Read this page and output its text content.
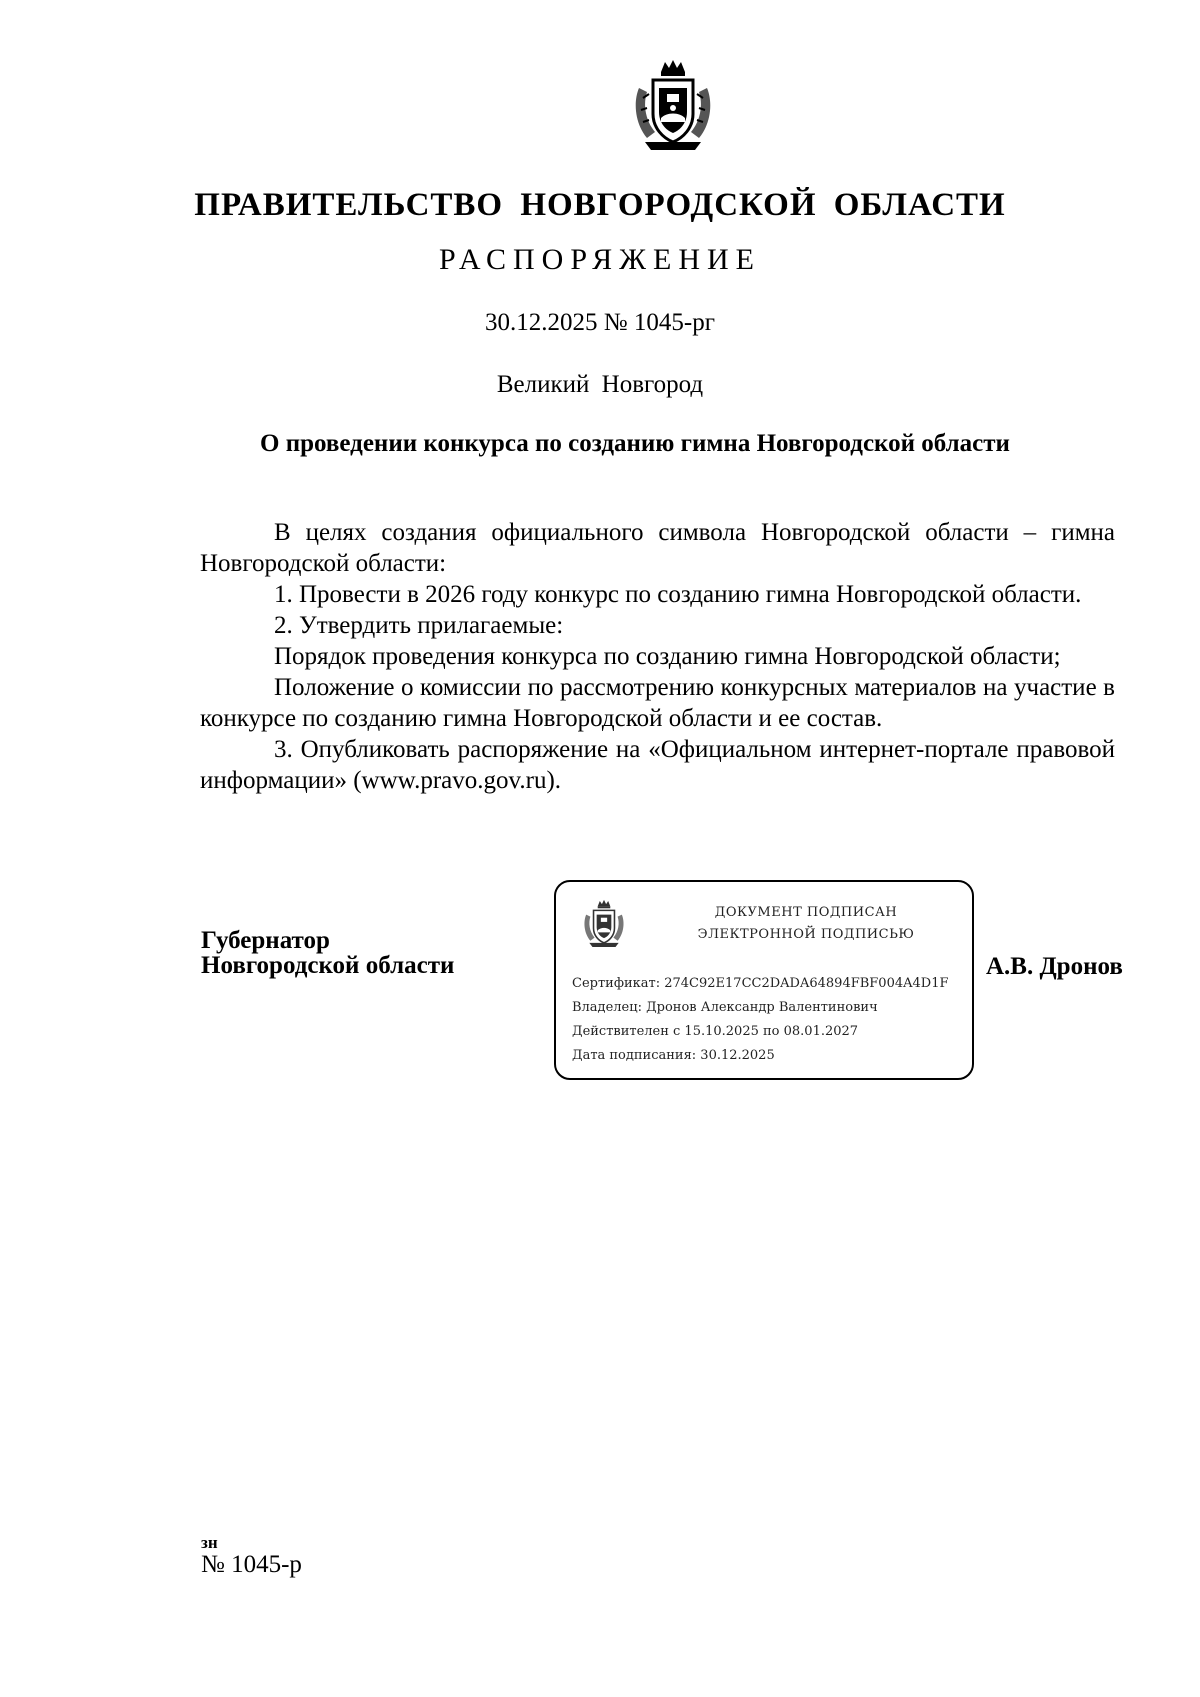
ПРАВИТЕЛЬСТВО НОВГОРОДСКОЙ ОБЛАСТИ
РАСПОРЯЖЕНИЕ
30.12.2025 № 1045-рг
Великий Новгород
О проведении конкурса по созданию гимна Новгородской области

В целях создания официального символа Новгородской области – гимна Новгородской области:

1. Провести в 2026 году конкурс по созданию гимна Новгородской области.

2. Утвердить прилагаемые:

Порядок проведения конкурса по созданию гимна Новгородской области;

Положение о комиссии по рассмотрению конкурсных материалов на участие в конкурсе по созданию гимна Новгородской области и ее состав.

3. Опубликовать распоряжение на «Официальном интернет-портале правовой информации» (www.pravo.gov.ru).

Губернатор
Новгородской области
ДОКУМЕНТ ПОДПИСАН
ЭЛЕКТРОННОЙ ПОДПИСЬЮ
Сертификат: 274C92E17CC2DADA64894FBF004A4D1F
Владелец: Дронов Александр Валентинович
Действителен с 15.10.2025 по 08.01.2027
Дата подписания: 30.12.2025
А.В. Дронов
зн
№ 1045-р
